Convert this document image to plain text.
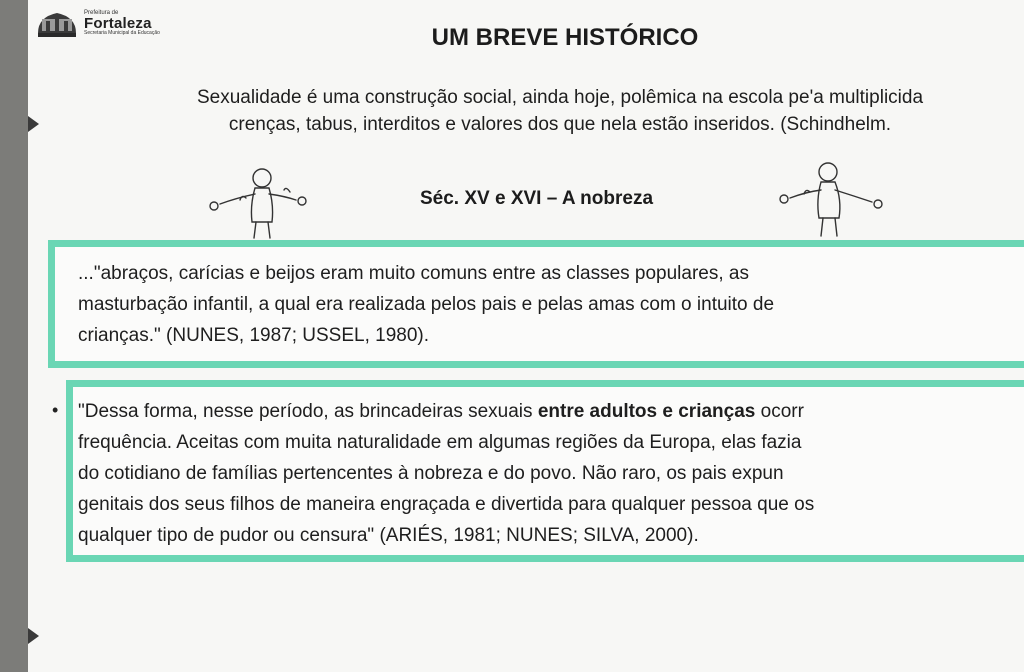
Prefeitura de
Fortaleza
Secretaria Municipal da Educação	UM BREVE HISTÓRICO
Sexualidade é uma construção social, ainda hoje, polêmica na escola pe'a multiplicida
crenças, tabus, interditos e valores dos que nela estão inseridos. (Schindhelm.
Séc. XV e XVI – A nobreza
..."abraços, carícias e beijos eram muito comuns entre as classes populares, as
masturbação infantil, a qual era realizada pelos pais e pelas amas com o intuito de
crianças." (NUNES, 1987; USSEL, 1980).
• "Dessa forma, nesse período, as brincadeiras sexuais entre adultos e crianças ocorr
frequência. Aceitas com muita naturalidade em algumas regiões da Europa, elas fazia
do cotidiano de famílias pertencentes à nobreza e do povo. Não raro, os pais expun
genitais dos seus filhos de maneira engraçada e divertida para qualquer pessoa que os
qualquer tipo de pudor ou censura" (ARIÉS, 1981; NUNES; SILVA, 2000).
